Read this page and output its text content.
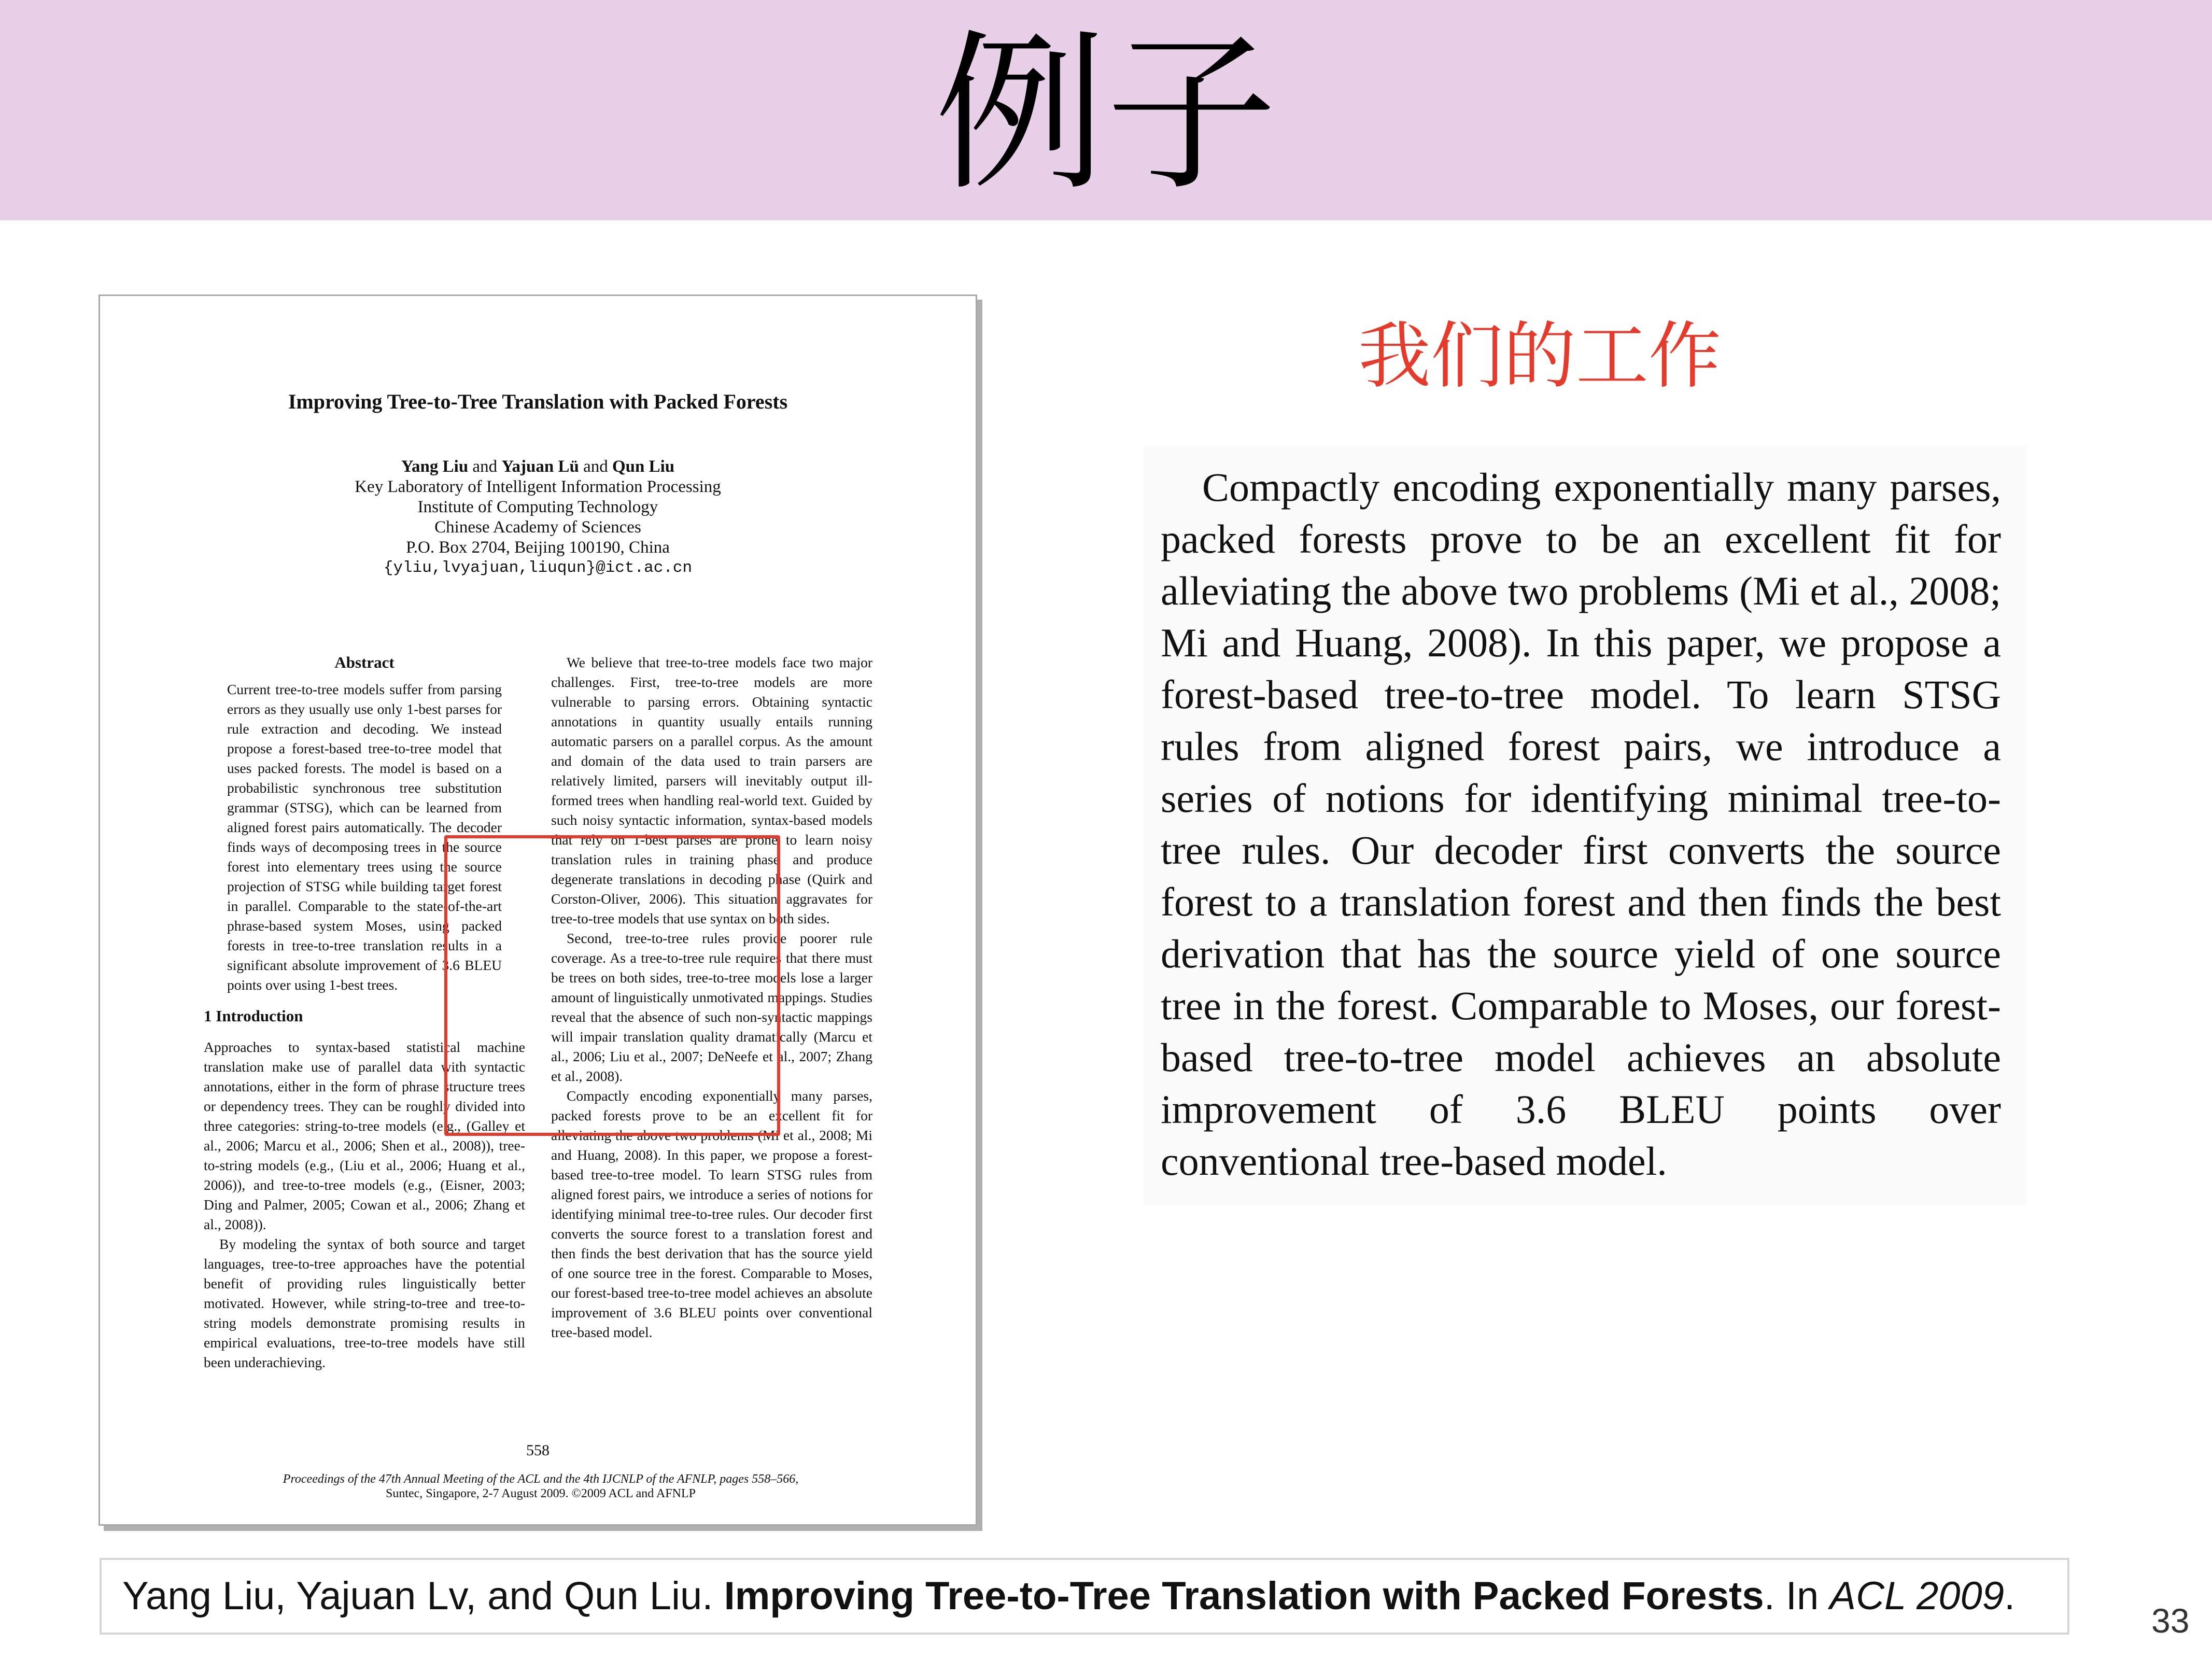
例子

Improving Tree-to-Tree Translation with Packed Forests

Yang Liu and Yajuan Lü and Qun Liu
Key Laboratory of Intelligent Information Processing
Institute of Computing Technology
Chinese Academy of Sciences
P.O. Box 2704, Beijing 100190, China
{yliu,lvyajuan,liuqun}@ict.ac.cn

Abstract

Current tree-to-tree models suffer from parsing errors as they usually use only 1-best parses for rule extraction and decoding. We instead propose a forest-based tree-to-tree model that uses packed forests. The model is based on a probabilistic synchronous tree substitution grammar (STSG), which can be learned from aligned forest pairs automatically. The decoder finds ways of decomposing trees in the source forest into elementary trees using the source projection of STSG while building target forest in parallel. Comparable to the state-of-the-art phrase-based system Moses, using packed forests in tree-to-tree translation results in a significant absolute improvement of 3.6 BLEU points over using 1-best trees.

1 Introduction

Approaches to syntax-based statistical machine translation make use of parallel data with syntactic annotations, either in the form of phrase structure trees or dependency trees. They can be roughly divided into three categories: string-to-tree models (e.g., (Galley et al., 2006; Marcu et al., 2006; Shen et al., 2008)), tree-to-string models (e.g., (Liu et al., 2006; Huang et al., 2006)), and tree-to-tree models (e.g., (Eisner, 2003; Ding and Palmer, 2005; Cowan et al., 2006; Zhang et al., 2008)).

By modeling the syntax of both source and target languages, tree-to-tree approaches have the potential benefit of providing rules linguistically better motivated. However, while string-to-tree and tree-to-string models demonstrate promising results in empirical evaluations, tree-to-tree models have still been underachieving.

We believe that tree-to-tree models face two major challenges. First, tree-to-tree models are more vulnerable to parsing errors. Obtaining syntactic annotations in quantity usually entails running automatic parsers on a parallel corpus. As the amount and domain of the data used to train parsers are relatively limited, parsers will inevitably output ill-formed trees when handling real-world text. Guided by such noisy syntactic information, syntax-based models that rely on 1-best parses are prone to learn noisy translation rules in training phase and produce degenerate translations in decoding phase (Quirk and Corston-Oliver, 2006). This situation aggravates for tree-to-tree models that use syntax on both sides.

Second, tree-to-tree rules provide poorer rule coverage. As a tree-to-tree rule requires that there must be trees on both sides, tree-to-tree models lose a larger amount of linguistically unmotivated mappings. Studies reveal that the absence of such non-syntactic mappings will impair translation quality dramatically (Marcu et al., 2006; Liu et al., 2007; DeNeefe et al., 2007; Zhang et al., 2008).

Compactly encoding exponentially many parses, packed forests prove to be an excellent fit for alleviating the above two problems (Mi et al., 2008; Mi and Huang, 2008). In this paper, we propose a forest-based tree-to-tree model. To learn STSG rules from aligned forest pairs, we introduce a series of notions for identifying minimal tree-to-tree rules. Our decoder first converts the source forest to a translation forest and then finds the best derivation that has the source yield of one source tree in the forest. Comparable to Moses, our forest-based tree-to-tree model achieves an absolute improvement of 3.6 BLEU points over conventional tree-based model.

558

Proceedings of the 47th Annual Meeting of the ACL and the 4th IJCNLP of the AFNLP, pages 558–566,
Suntec, Singapore, 2-7 August 2009. ©2009 ACL and AFNLP
我们的工作

Compactly encoding exponentially many parses, packed forests prove to be an excellent fit for alleviating the above two problems (Mi et al., 2008; Mi and Huang, 2008). In this paper, we propose a forest-based tree-to-tree model. To learn STSG rules from aligned forest pairs, we introduce a series of notions for identifying minimal tree-to-tree rules. Our decoder first converts the source forest to a translation forest and then finds the best derivation that has the source yield of one source tree in the forest. Comparable to Moses, our forest-based tree-to-tree model achieves an absolute improvement of 3.6 BLEU points over conventional tree-based model.

Yang Liu, Yajuan Lv, and Qun Liu. Improving Tree-to-Tree Translation with Packed Forests. In ACL 2009.
33
